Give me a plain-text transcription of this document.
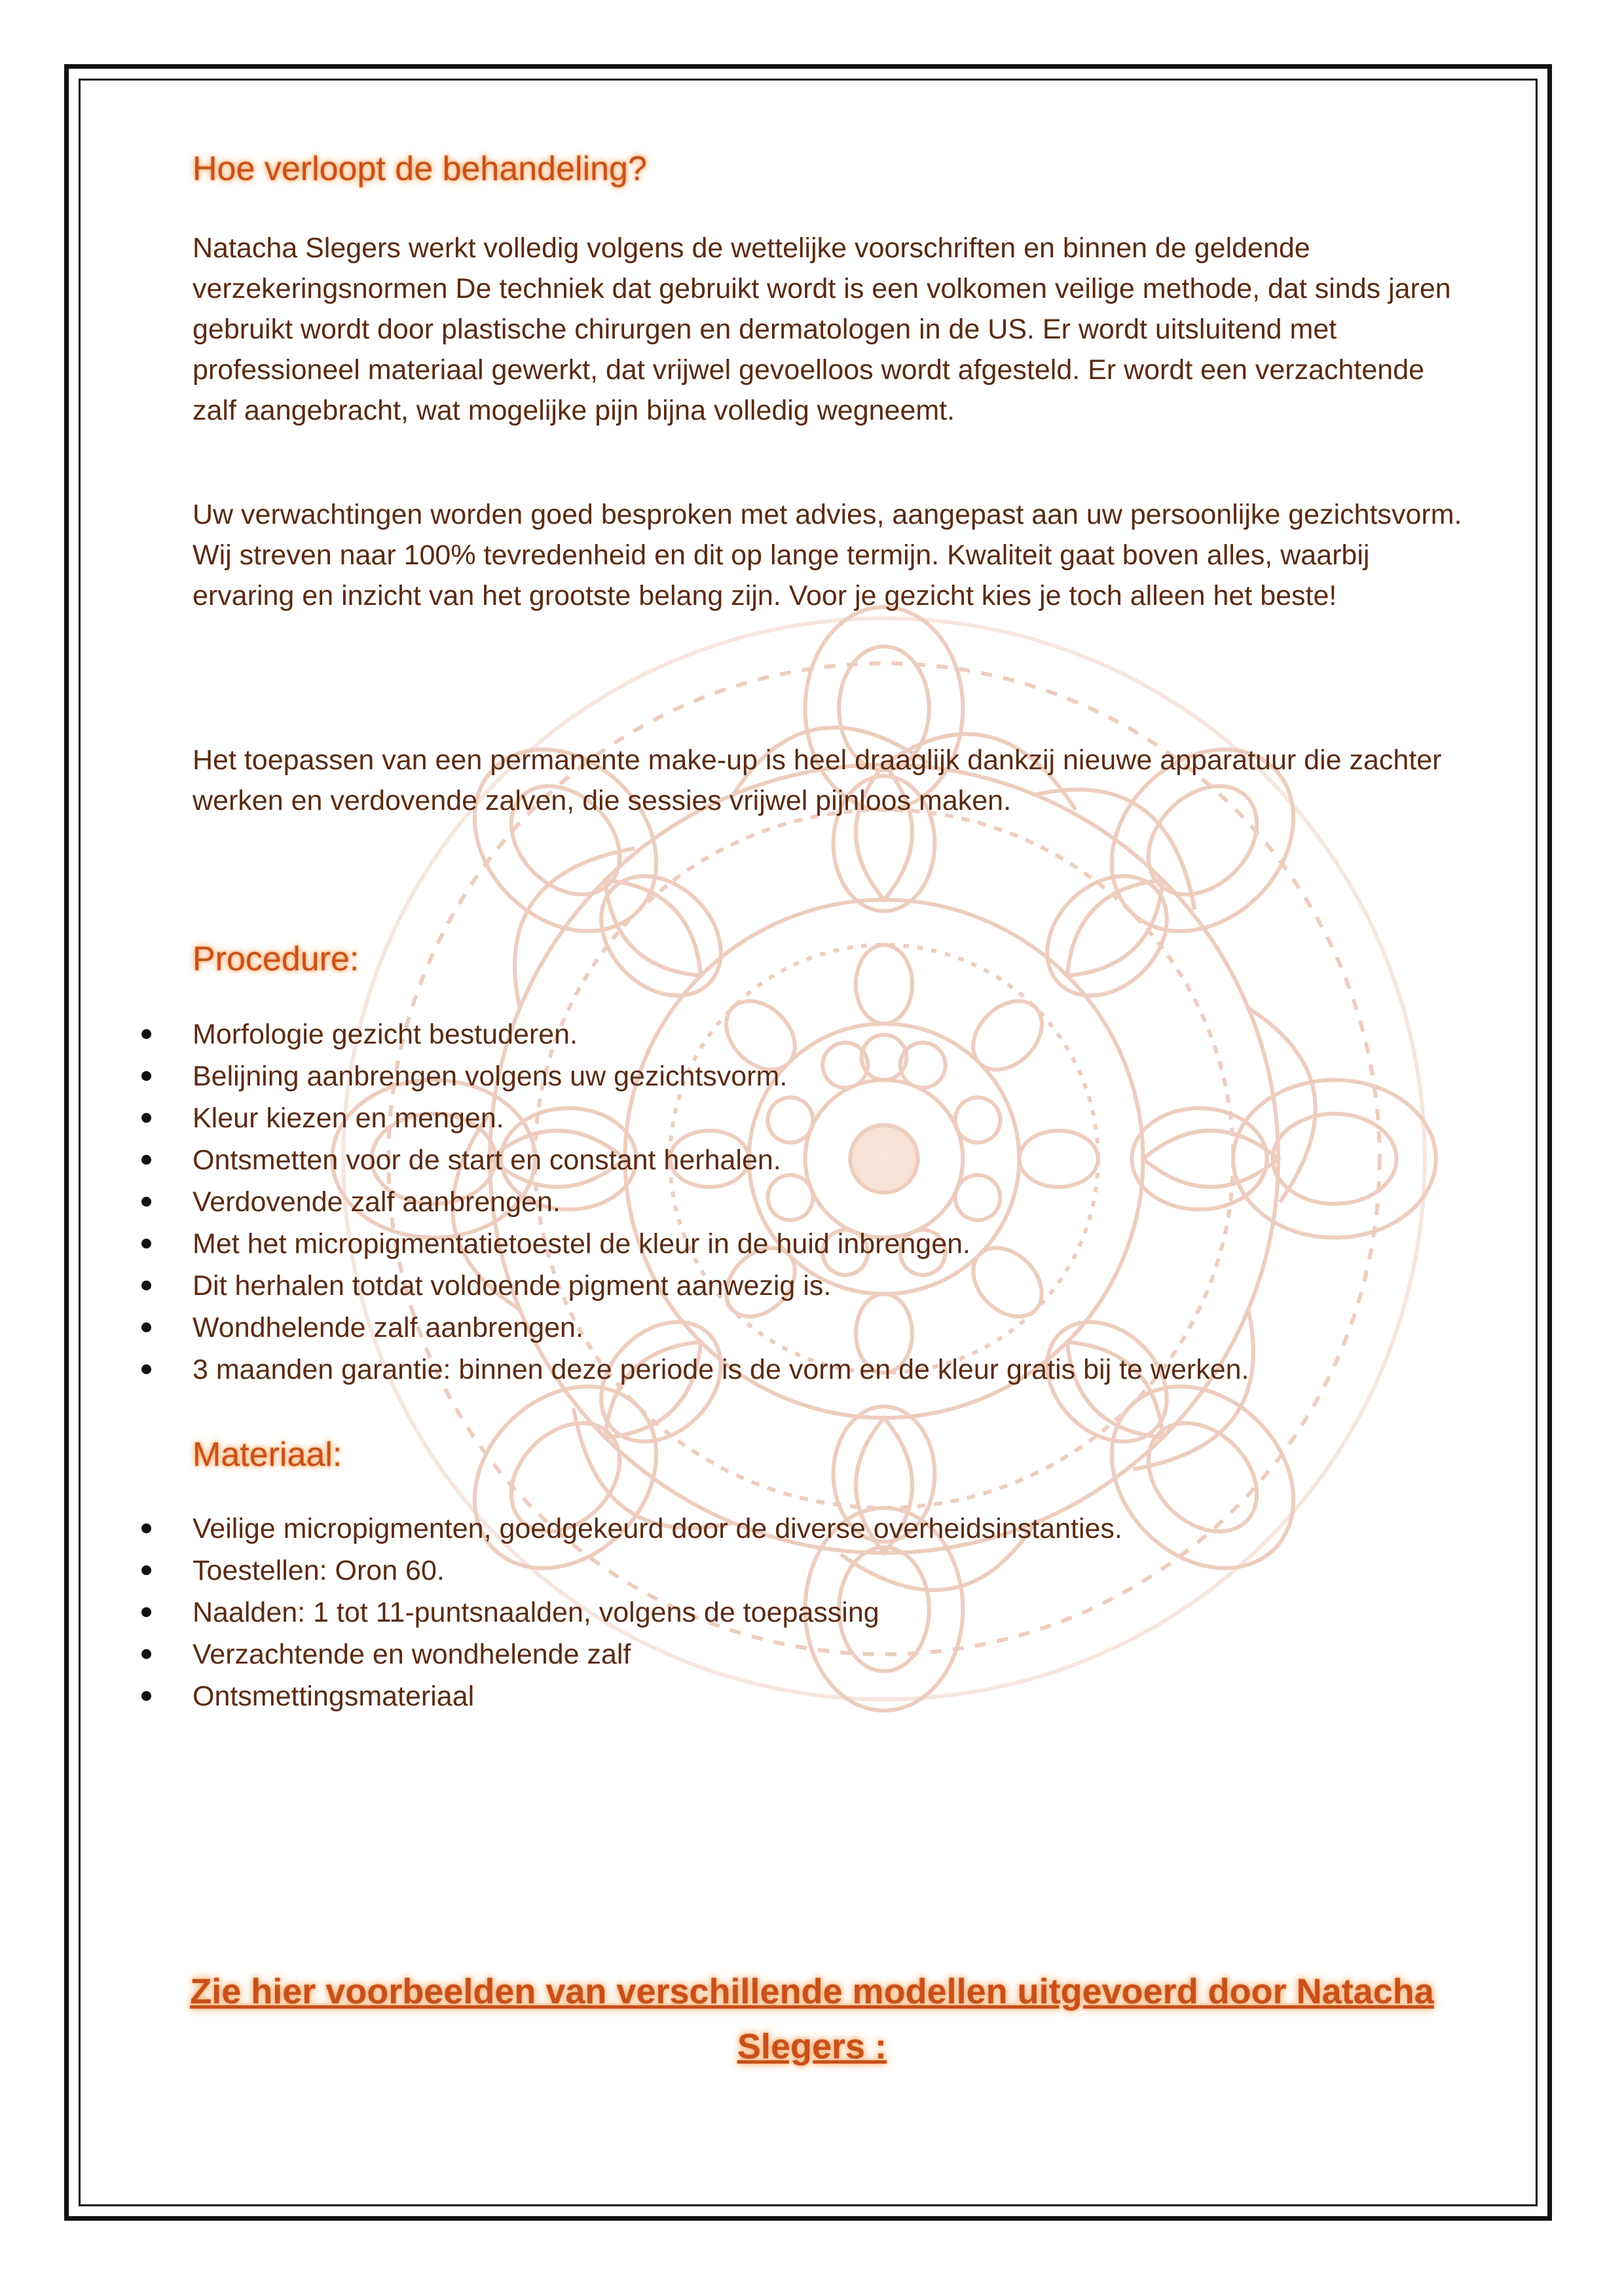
Hoe verloopt de behandeling?

Natacha Slegers werkt volledig volgens de wettelijke voorschriften en binnen de geldende verzekeringsnormen De techniek dat gebruikt wordt is een volkomen veilige methode, dat sinds jaren gebruikt wordt door plastische chirurgen en dermatologen in de US. Er wordt uitsluitend met professioneel materiaal gewerkt, dat vrijwel gevoelloos wordt afgesteld. Er wordt een verzachtende zalf aangebracht, wat mogelijke pijn bijna volledig wegneemt.

Uw verwachtingen worden goed besproken met advies, aangepast aan uw persoonlijke gezichtsvorm. Wij streven naar 100% tevredenheid en dit op lange termijn. Kwaliteit gaat boven alles, waarbij ervaring en inzicht van het grootste belang zijn. Voor je gezicht kies je toch alleen het beste!

Het toepassen van een permanente make-up is heel draaglijk dankzij nieuwe apparatuur die zachter werken en verdovende zalven, die sessies vrijwel pijnloos maken.

Procedure:
Morfologie gezicht bestuderen.
Belijning aanbrengen volgens uw gezichtsvorm.
Kleur kiezen en mengen.
Ontsmetten voor de start en constant herhalen.
Verdovende zalf aanbrengen.
Met het micropigmentatietoestel de kleur in de huid inbrengen.
Dit herhalen totdat voldoende pigment aanwezig is.
Wondhelende zalf aanbrengen.
3 maanden garantie: binnen deze periode is de vorm en de kleur gratis bij te werken.
Materiaal:
Veilige micropigmenten, goedgekeurd door de diverse overheidsinstanties.
Toestellen: Oron 60.
Naalden: 1 tot 11-puntsnaalden, volgens de toepassing
Verzachtende en wondhelende zalf
Ontsmettingsmateriaal
Zie hier voorbeelden van verschillende modellen uitgevoerd door Natacha
Slegers :
